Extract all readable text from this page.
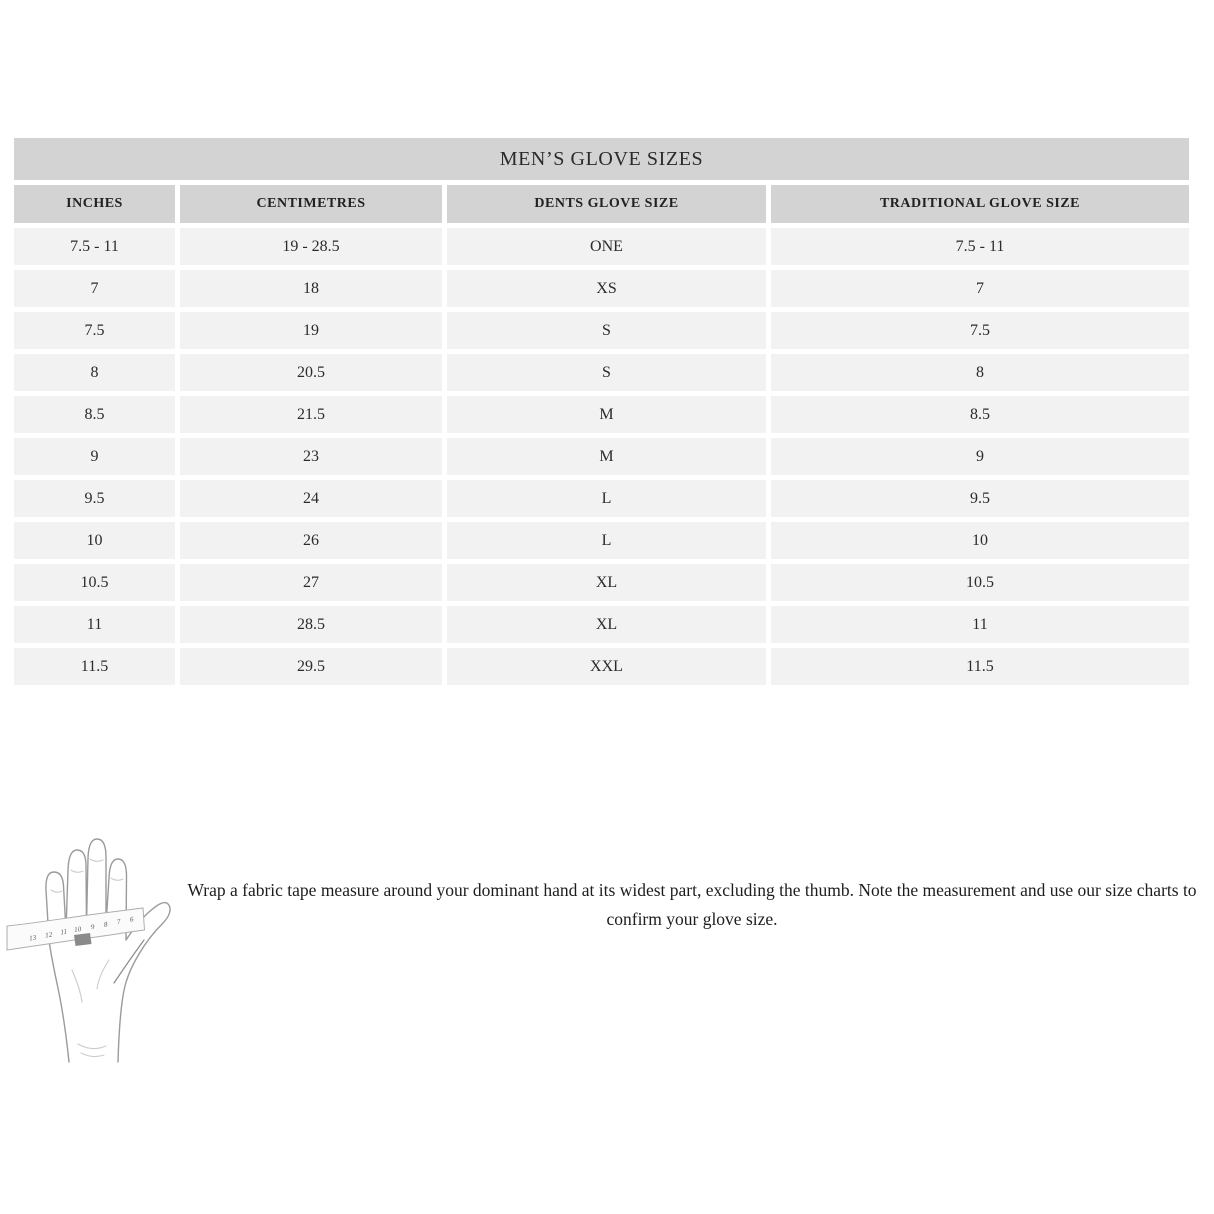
MEN’S GLOVE SIZES
INCHES	CENTIMETRES	DENTS GLOVE SIZE	TRADITIONAL GLOVE SIZE
7.5 - 11	19 - 28.5	ONE	7.5 - 11
7	18	XS	7
7.5	19	S	7.5
8	20.5	S	8
8.5	21.5	M	8.5
9	23	M	9
9.5	24	L	9.5
10	26	L	10
10.5	27	XL	10.5
11	28.5	XL	11
11.5	29.5	XXL	11.5
13 12 11 10 9 8 7 6
Wrap a fabric tape measure around your dominant hand at its widest part, excluding the thumb. Note the measurement and use our size charts to confirm your glove size.
